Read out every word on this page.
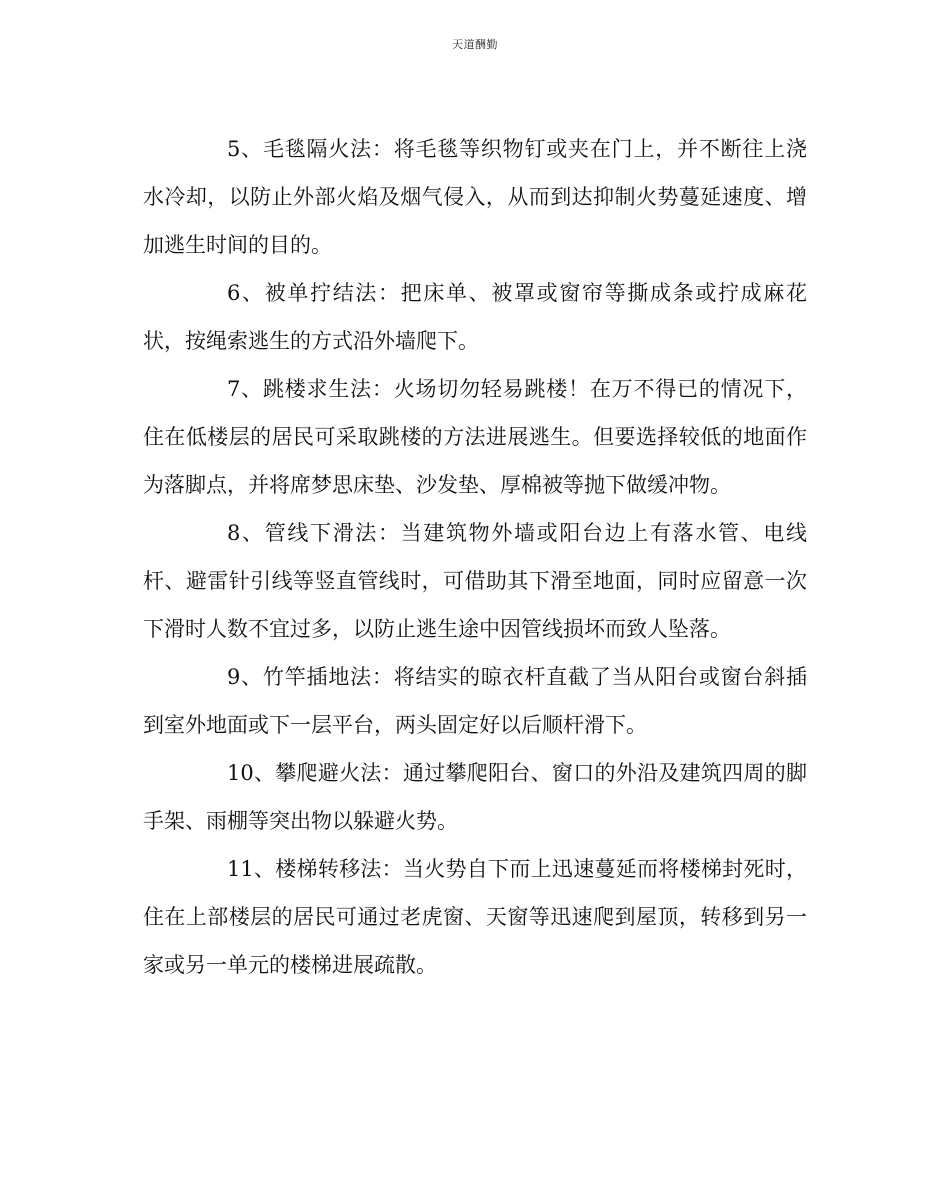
天道酬勤

5、毛毯隔火法：将毛毯等织物钉或夹在门上，并不断往上浇水冷却，以防止外部火焰及烟气侵入，从而到达抑制火势蔓延速度、增加逃生时间的目的。

6、被单拧结法：把床单、被罩或窗帘等撕成条或拧成麻花状，按绳索逃生的方式沿外墙爬下。

7、跳楼求生法：火场切勿轻易跳楼！在万不得已的情况下，住在低楼层的居民可采取跳楼的方法进展逃生。但要选择较低的地面作为落脚点，并将席梦思床垫、沙发垫、厚棉被等抛下做缓冲物。

8、管线下滑法：当建筑物外墙或阳台边上有落水管、电线杆、避雷针引线等竖直管线时，可借助其下滑至地面，同时应留意一次下滑时人数不宜过多，以防止逃生途中因管线损坏而致人坠落。

9、竹竿插地法：将结实的晾衣杆直截了当从阳台或窗台斜插到室外地面或下一层平台，两头固定好以后顺杆滑下。

10、攀爬避火法：通过攀爬阳台、窗口的外沿及建筑四周的脚手架、雨棚等突出物以躲避火势。

11、楼梯转移法：当火势自下而上迅速蔓延而将楼梯封死时，住在上部楼层的居民可通过老虎窗、天窗等迅速爬到屋顶，转移到另一家或另一单元的楼梯进展疏散。
